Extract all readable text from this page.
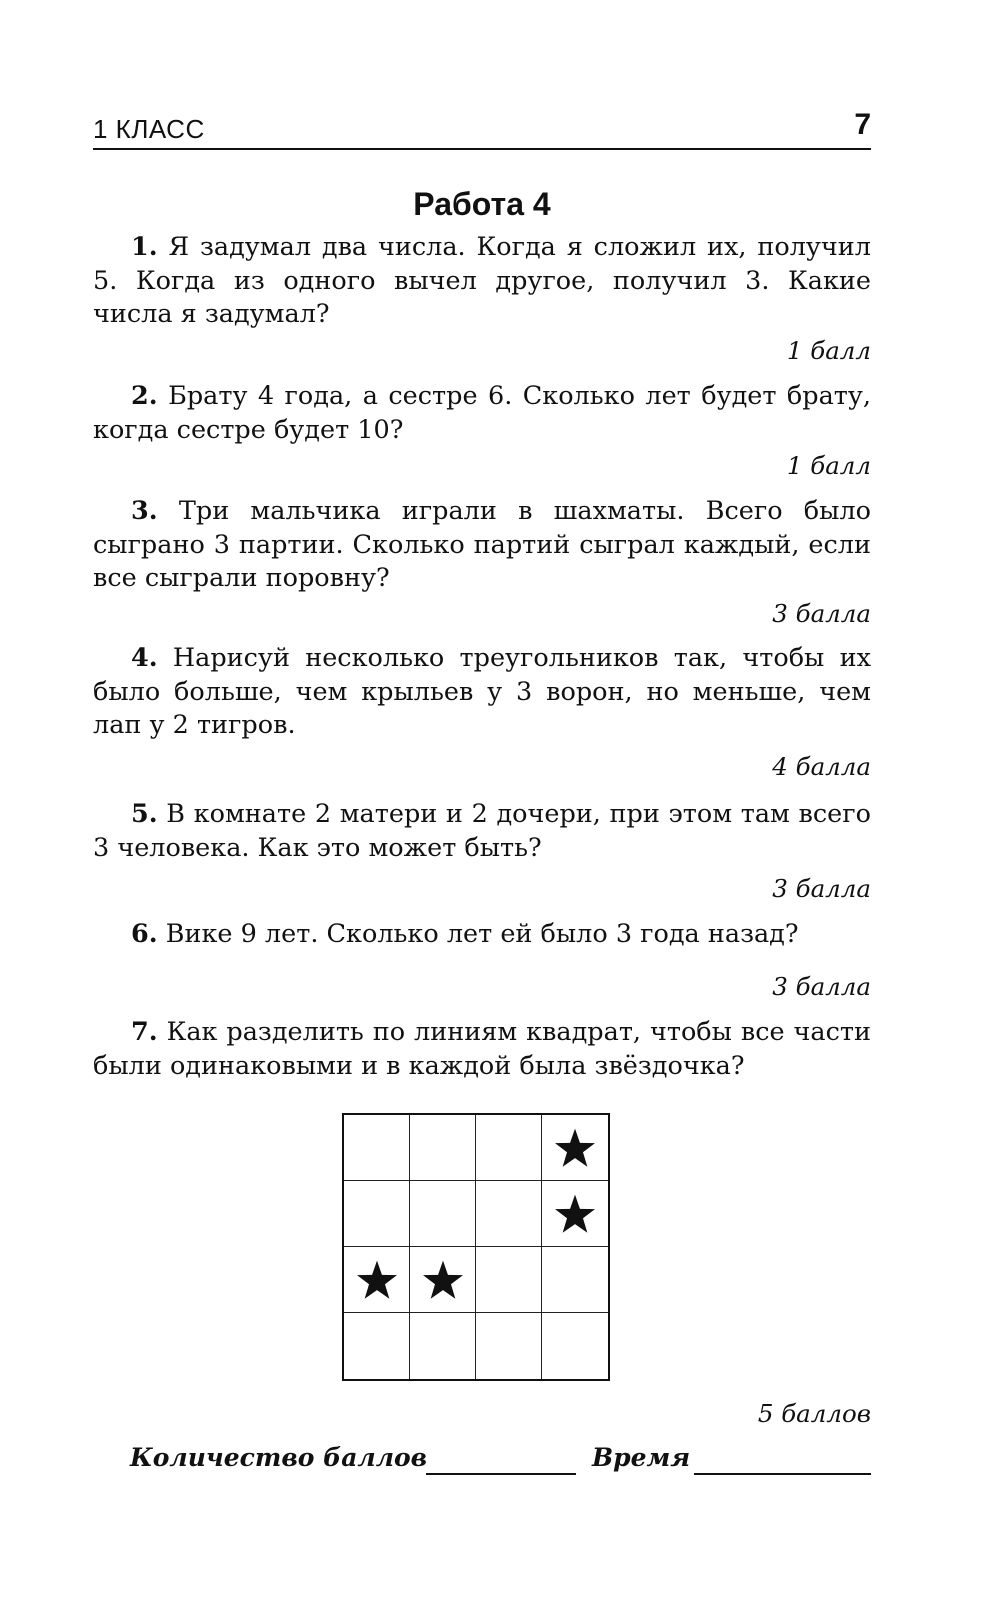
1 КЛАСС	7
Работа 4
1. Я задумал два числа. Когда я сложил их, получил 5. Когда из одного вычел другое, получил 3. Какие числа я задумал?
1 балл
2. Брату 4 года, а сестре 6. Сколько лет будет брату, когда сестре будет 10?
1 балл
3. Три мальчика играли в шахматы. Всего было сыграно 3 партии. Сколько партий сыграл каждый, если все сыграли поровну?
3 балла
4. Нарисуй несколько треугольников так, чтобы их было больше, чем крыльев у 3 ворон, но меньше, чем лап у 2 тигров.
4 балла
5. В комнате 2 матери и 2 дочери, при этом там всего 3 человека. Как это может быть?
3 балла
6. Вике 9 лет. Сколько лет ей было 3 года назад?
3 балла
7. Как разделить по линиям квадрат, чтобы все части были одинаковыми и в каждой была звёздочка?
5 баллов
Количество баллов	Время
